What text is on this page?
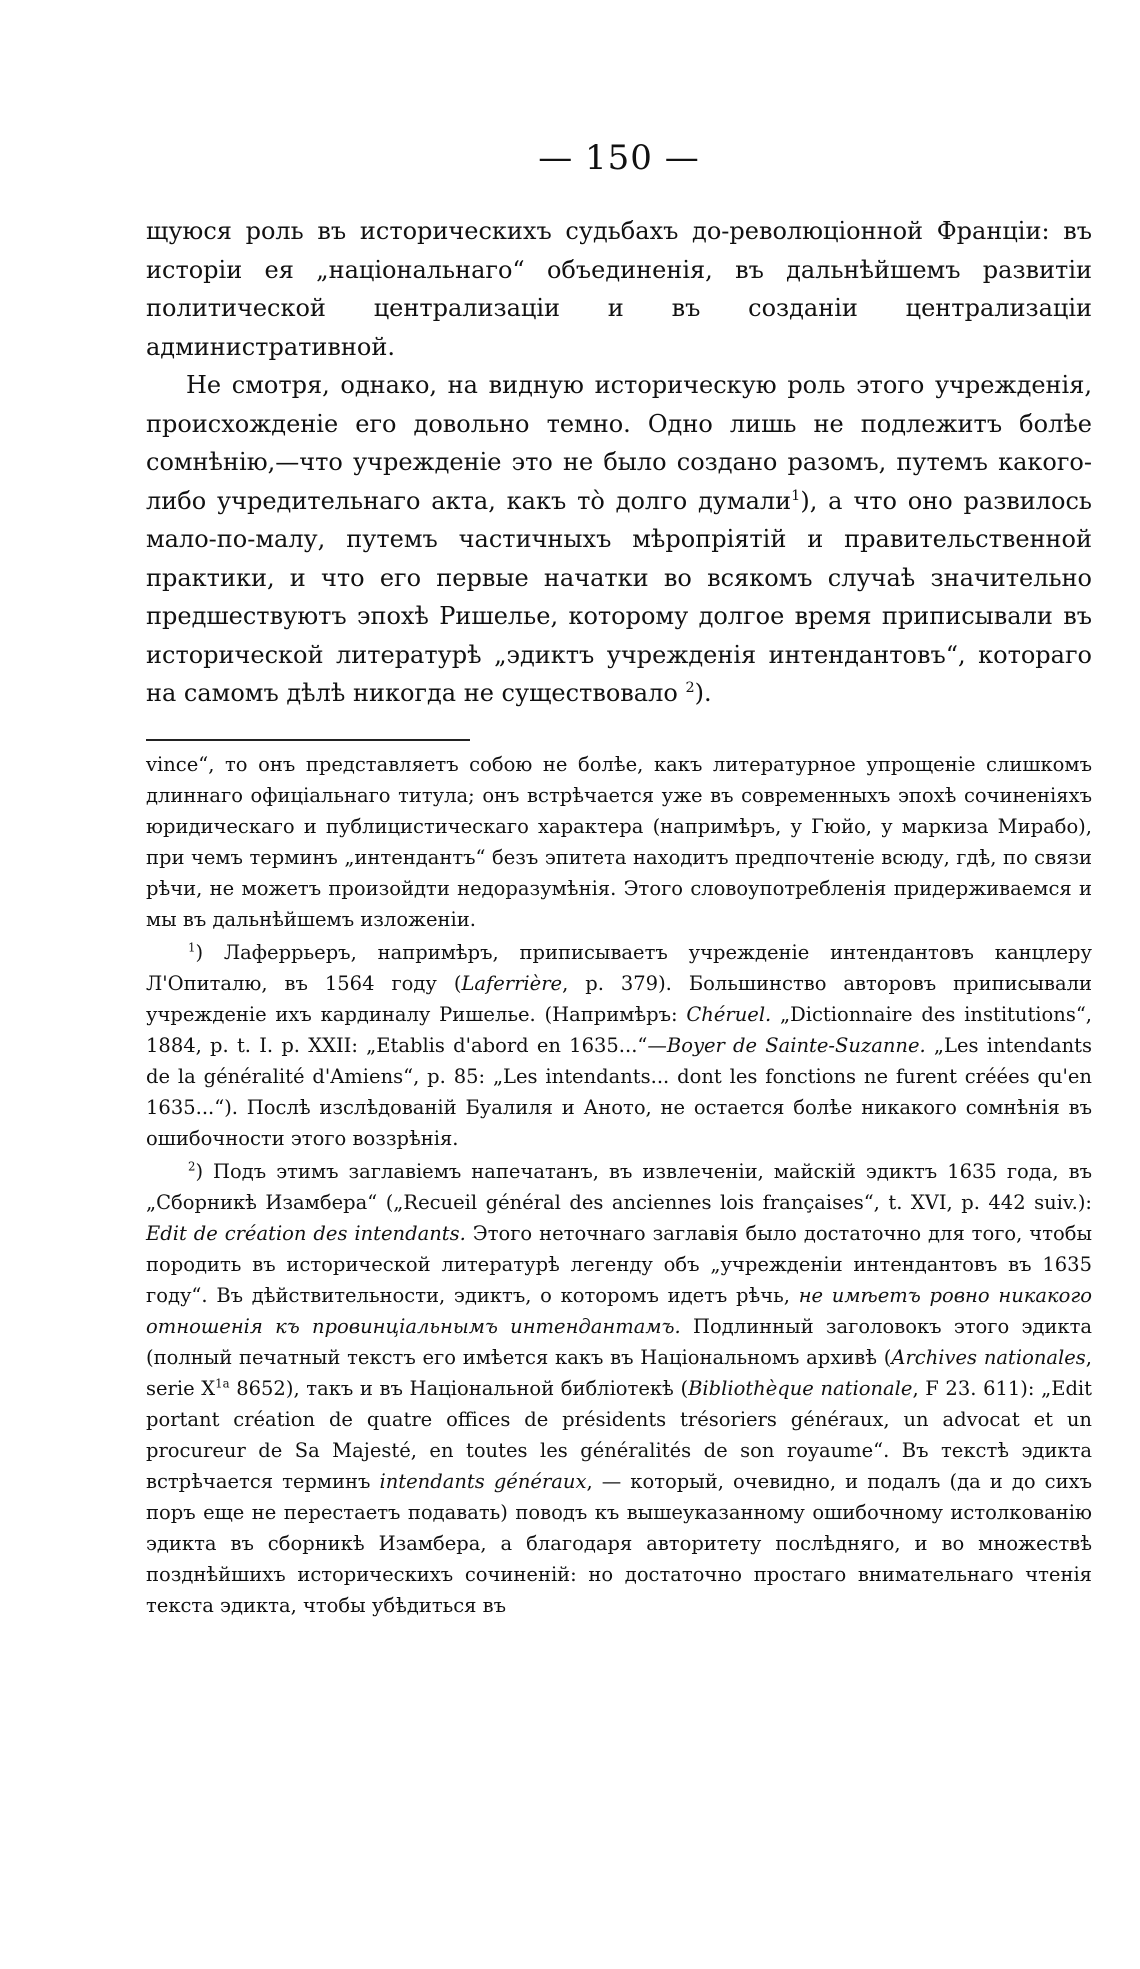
— 150 —

щуюся роль въ историческихъ судьбахъ до-революціонной Франціи: въ исторіи ея „національнаго“ объединенія, въ дальнѣйшемъ развитіи политической централизаціи и въ созданіи централизаціи административной.

Не смотря, однако, на видную историческую роль этого учрежденія, происхожденіе его довольно темно. Одно лишь не подлежитъ болѣе сомнѣнію,—что учрежденіе это не было создано разомъ, путемъ какого-либо учредительнаго акта, какъ то̀ долго думали$^1$), а что оно развилось мало-по-малу, путемъ частичныхъ мѣропріятій и правительственной практики, и что его первые начатки во всякомъ случаѣ значительно предшествуютъ эпохѣ Ришелье, которому долгое время приписывали въ исторической литературѣ „эдиктъ учрежденія интендантовъ“, котораго на самомъ дѣлѣ никогда не существовало $^2$).

vince“, то онъ представляетъ собою не болѣе, какъ литературное упрощеніе слишкомъ длиннаго офиціальнаго титула; онъ встрѣчается уже въ современныхъ эпохѣ сочиненіяхъ юридическаго и публицистическаго характера (напримѣръ, у Гюйо, у маркиза Мирабо), при чемъ терминъ „интендантъ“ безъ эпитета находитъ предпочтеніе всюду, гдѣ, по связи рѣчи, не можетъ произойдти недоразумѣнія. Этого словоупотребленія придерживаемся и мы въ дальнѣйшемъ изложеніи.

$^1$) Лаферрьеръ, напримѣръ, приписываетъ учрежденіе интендантовъ канцлеру Л'Опиталю, въ 1564 году (Laferrière, p. 379). Большинство авторовъ приписывали учрежденіе ихъ кардиналу Ришелье. (Напримѣръ: Chéruel. „Dictionnaire des institutions“, 1884, p. t. I. p. XXII: „Etablis d'abord en 1635...“—Boyer de Sainte-Suzanne. „Les intendants de la généralité d'Amiens“, p. 85: „Les intendants... dont les fonctions ne furent créées qu'en 1635...“). Послѣ изслѣдованій Буалиля и Аното, не остается болѣе никакого сомнѣнія въ ошибочности этого воззрѣнія.

$^2$) Подъ этимъ заглавіемъ напечатанъ, въ извлеченіи, майскій эдиктъ 1635 года, въ „Сборникѣ Изамбера“ („Recueil général des anciennes lois françaises“, t. XVI, p. 442 suiv.): Edit de création des intendants. Этого неточнаго заглавія было достаточно для того, чтобы породить въ исторической литературѣ легенду объ „учрежденіи интендантовъ въ 1635 году“. Въ дѣйствительности, эдиктъ, о которомъ идетъ рѣчь, не имѣетъ ровно никакого отношенія къ провинціальнымъ интендантамъ. Подлинный заголовокъ этого эдикта (полный печатный текстъ его имѣется какъ въ Національномъ архивѣ (Archives nationales, serie $X^{1a}$ 8652), такъ и въ Національной библіотекѣ (Bibliothèque nationale, F 23. 611): „Edit portant création de quatre offices de présidents trésoriers généraux, un advocat et un procureur de Sa Majesté, en toutes les généralités de son royaume“. Въ текстѣ эдикта встрѣчается терминъ intendants généraux, — который, очевидно, и подалъ (да и до сихъ поръ еще не перестаетъ подавать) поводъ къ вышеуказанному ошибочному истолкованію эдикта въ сборникѣ Изамбера, а благодаря авторитету послѣдняго, и во множествѣ позднѣйшихъ историческихъ сочиненій: но достаточно простаго внимательнаго чтенія текста эдикта, чтобы убѣдиться въ
